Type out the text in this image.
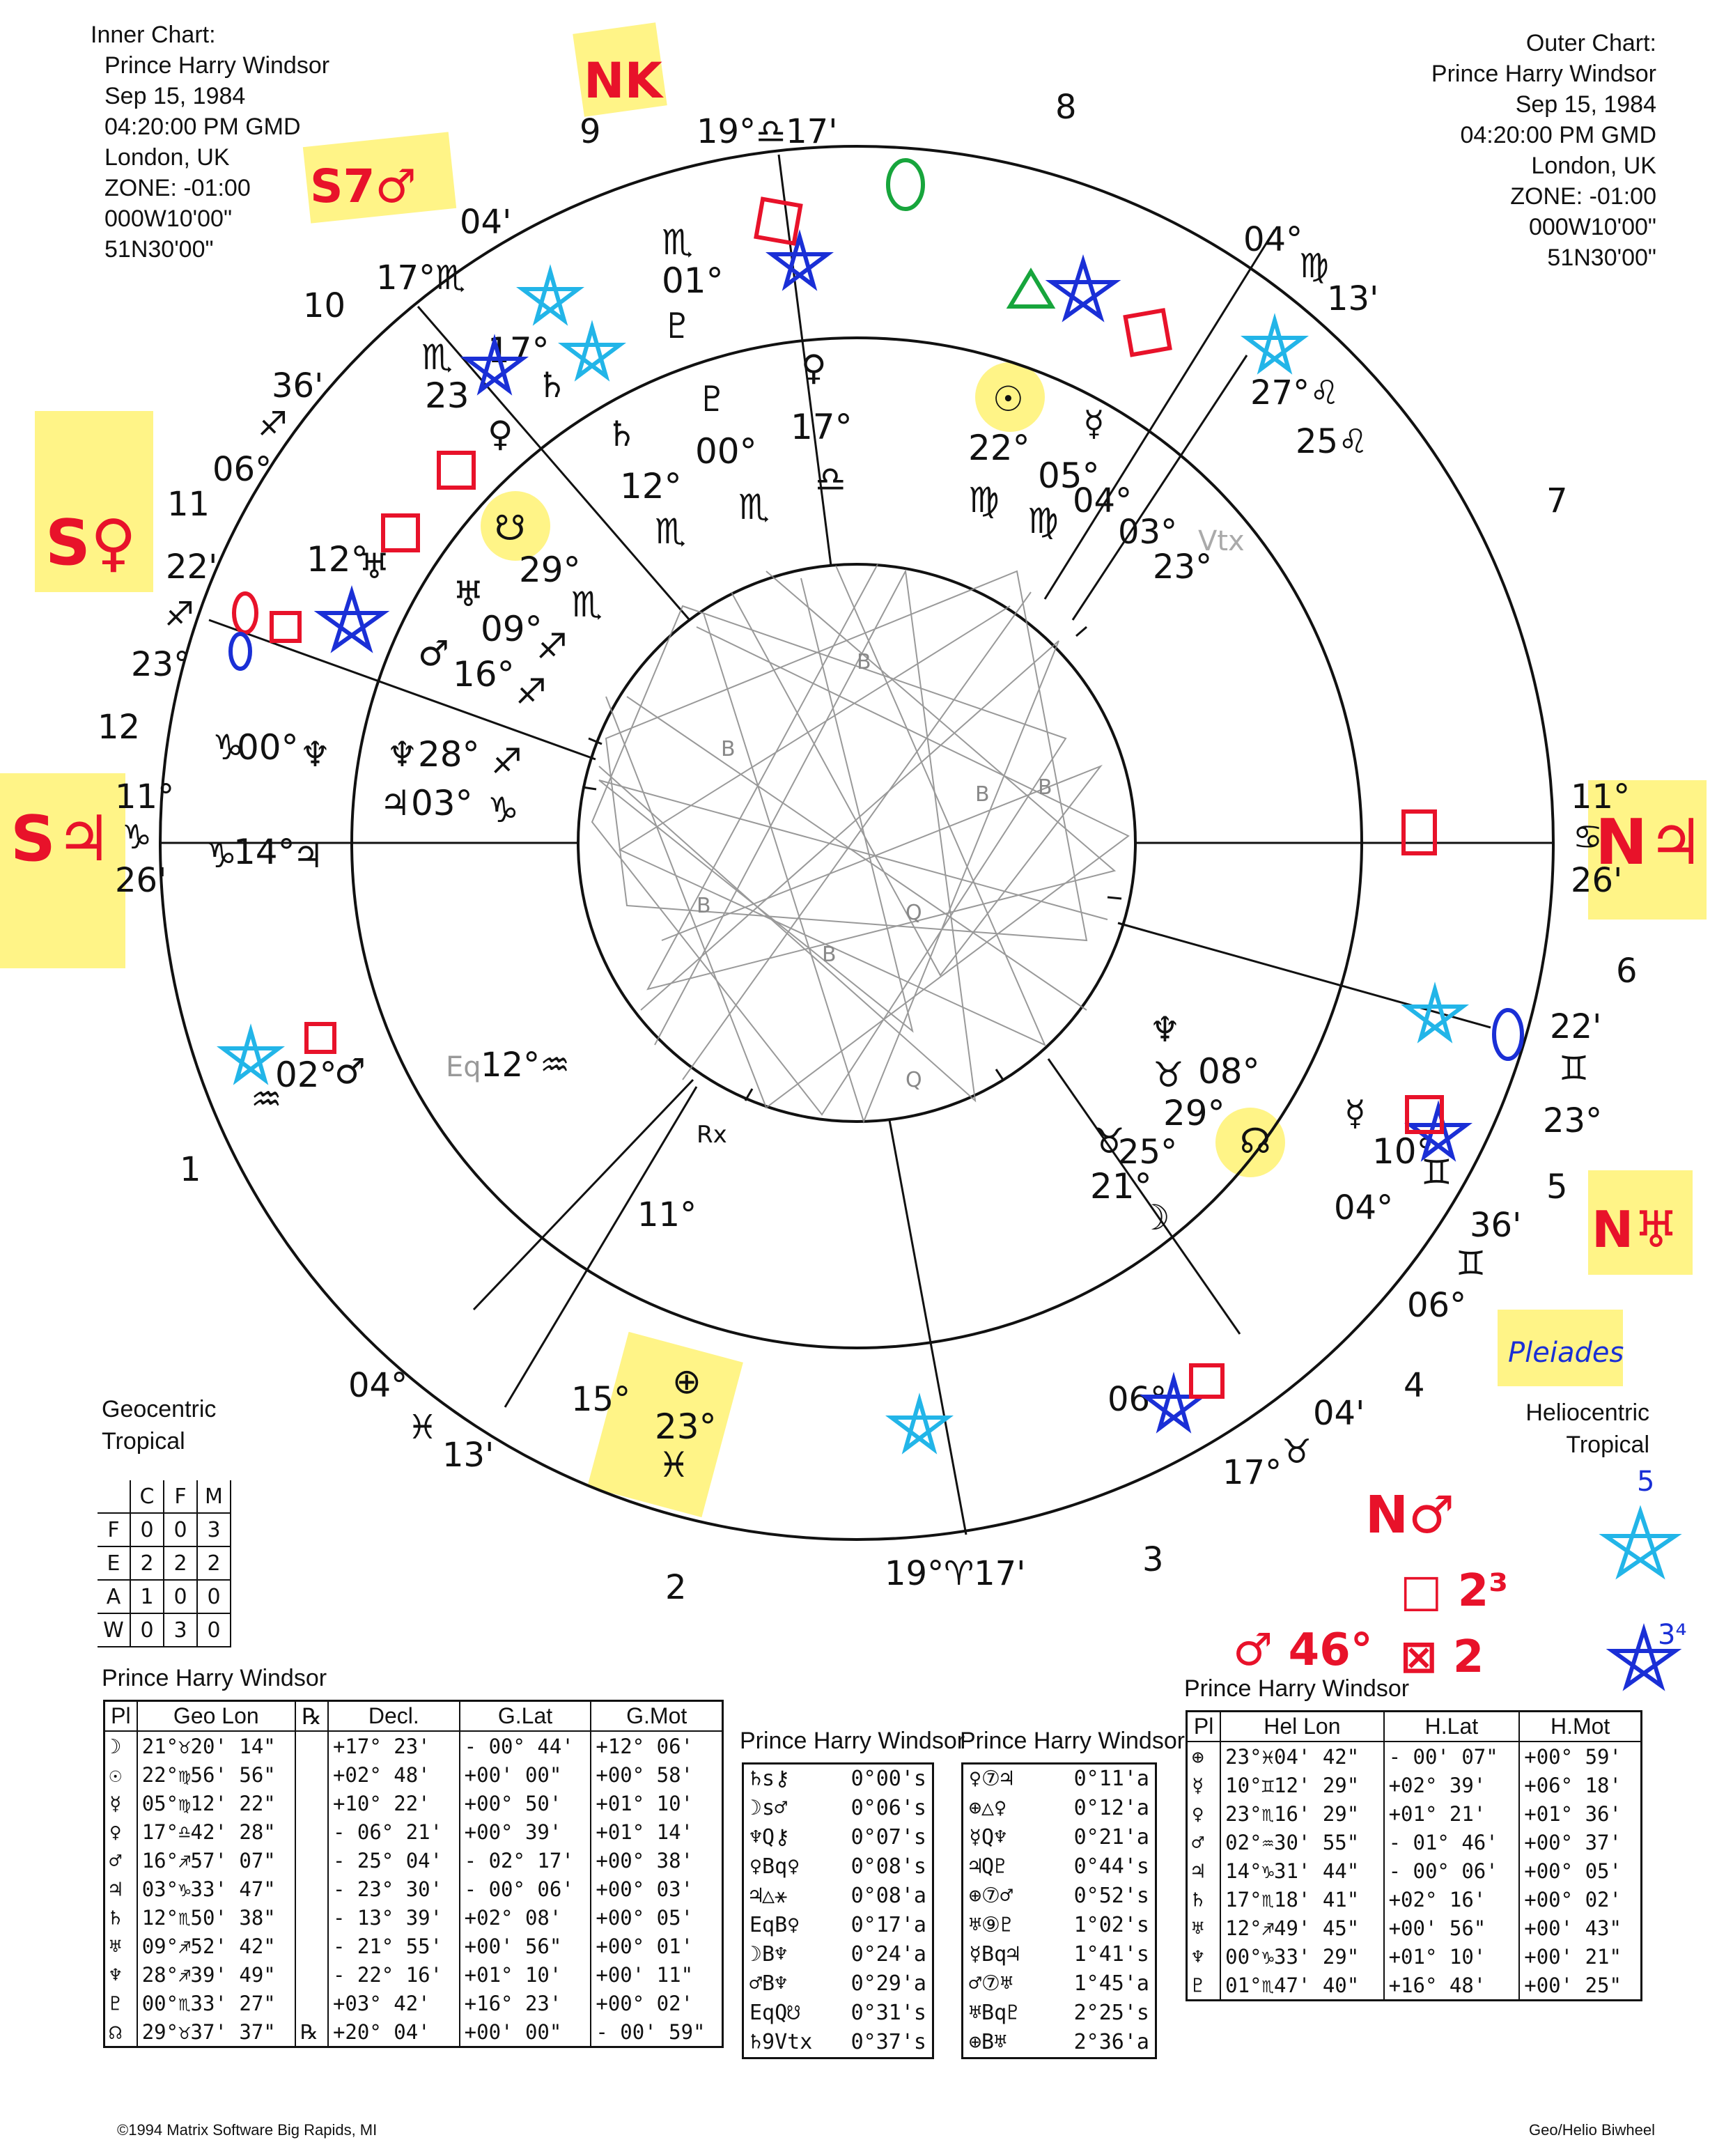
Inner Chart:
Prince Harry Windsor
Sep 15, 1984
04:20:00 PM GMD
London, UK
ZONE: -01:00
000W10'00"
51N30'00"
Outer Chart:
Prince Harry Windsor
Sep 15, 1984
04:20:00 PM GMD
London, UK
ZONE: -01:00
000W10'00"
51N30'00"
B
B
B
Q
Q
B
B
B
1
2
3
4
5
6
7
8
9
10
11
12
19°♎17'
19°♈17'
11°
♑
26'
11°
♋
26'
04'
17°♏
36'
♐
06°
22'
♐
23°
04°
♓
13'
04'
♉
17°
36'
♊
06°
22'
♊
23°
04°
♍
13'
27°♌
25♌
♇
00°
♏
♀
17°
♎
♄
12°
♏
☉
22°
♍
☿
05°
♍
☋
29°
♏
♅
09°
♐
♂
16° ♐
♆ 28° ♐
♃ 03° ♑
☊
29°
♉
☽
21°
♉
♆
08°
♏
01°
♇
23
♏
♀
17°
♄
12°
♅
02°
♂
♒
00° ♆
♑
14°
♃
♑
⊕
23°
♓
☿
10°
♊
Eq
Vtx
12°♒
04°
03°
23°
25°
04°
06°
15°
11°
Rx
NK
S7♂
S♀
S♃	N♃
N♅
Pleiades
N♂
♂ 46°
□ 2³
⊠ 2
5
3⁴
Geocentric
Tropical
Heliocentric
Tropical
	C	F	M
F	0	0	3
E	2	2	2
A	1	0	0
W	0	3	0
Prince Harry Windsor
Pl	Geo Lon	℞	Decl.	G.Lat	G.Mot
☽	21°♉20' 14"		+17° 23'	- 00° 44'	+12° 06'
☉	22°♍56' 56"		+02° 48'	+00' 00"	+00° 58'
☿	05°♍12' 22"		+10° 22'	+00° 50'	+01° 10'
♀	17°♎42' 28"		- 06° 21'	+00° 39'	+01° 14'
♂	16°♐57' 07"		- 25° 04'	- 02° 17'	+00° 38'
♃	03°♑33' 47"		- 23° 30'	- 00° 06'	+00° 03'
♄	12°♏50' 38"		- 13° 39'	+02° 08'	+00° 05'
♅	09°♐52' 42"		- 21° 55'	+00' 56"	+00° 01'
♆	28°♐39' 49"		- 22° 16'	+01° 10'	+00' 11"
♇	00°♏33' 27"		+03° 42'	+16° 23'	+00° 02'
☊	29°♉37' 37"	℞	+20° 04'	+00' 00"	- 00' 59"
Prince Harry Windsor
♄s⚷	0°00's
☽s♂	0°06's
♆Q⚷	0°07's
♀Bq♀ 0°08's
♃△⚹	0°08'a
EqB♀ 0°17'a
☽B♆	0°24'a
♂B♆	0°29'a
EqQ☋ 0°31's
♄9Vtx 0°37's
Prince Harry Windsor
♀⑦♃	0°11'a
⊕△♀	0°12'a
☿Q♆	0°21'a
♃Q♇	0°44's
⊕⑦♂	0°52's
♅⑨♇	1°02's
☿Bq♃	1°41's
♂⑦♅	1°45'a
♅Bq♇	2°25's
⊕B♅	2°36'a
Prince Harry Windsor
Pl	Hel Lon	H.Lat	H.Mot
⊕	23°♓04' 42"	- 00' 07"	+00° 59'
☿	10°♊12' 29"	+02° 39'	+06° 18'
♀	23°♏16' 29"	+01° 21'	+01° 36'
♂	02°♒30' 55"	- 01° 46'	+00° 37'
♃	14°♑31' 44"	- 00° 06'	+00° 05'
♄	17°♏18' 41"	+02° 16'	+00° 02'
♅	12°♐49' 45"	+00' 56"	+00' 43"
♆	00°♑33' 29"	+01° 10'	+00' 21"
♇	01°♏47' 40"	+16° 48'	+00' 25"
©1994 Matrix Software Big Rapids, MI	Geo/Helio Biwheel
